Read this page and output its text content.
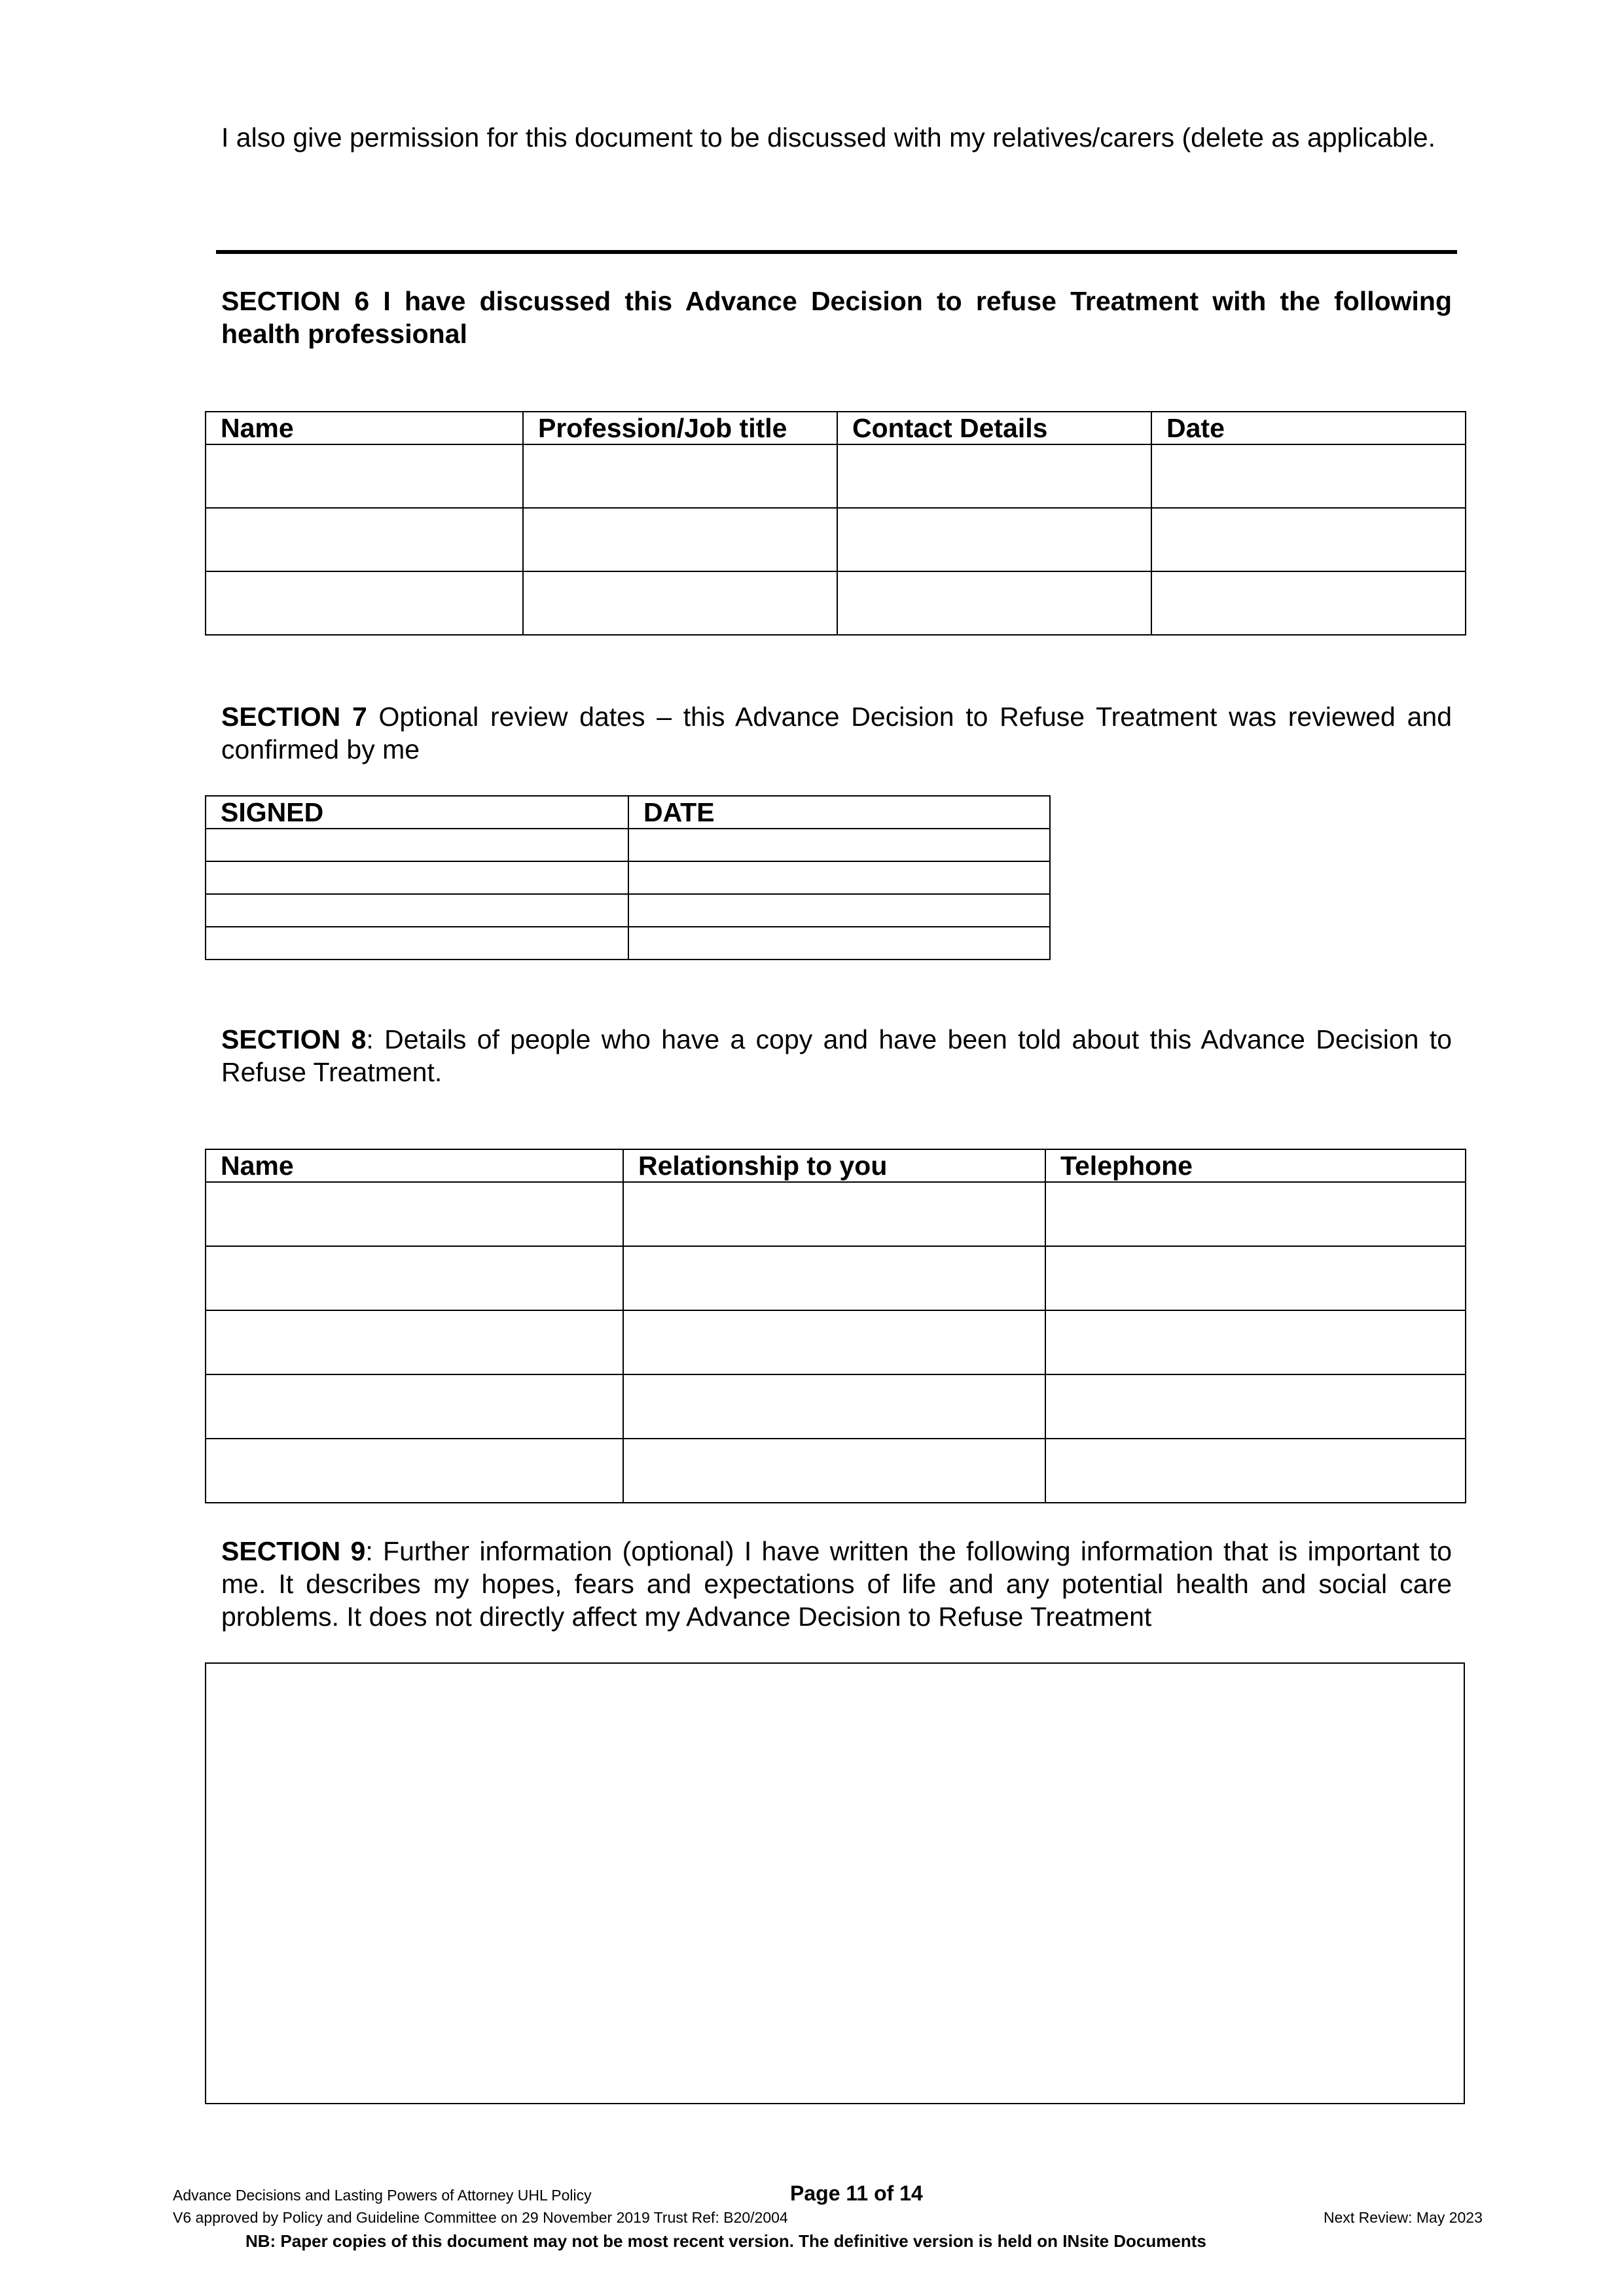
I also give permission for this document to be discussed with my relatives/carers (delete as applicable.
SECTION 6 I have discussed this Advance Decision to refuse Treatment with the following health professional
Name	Profession/Job title	Contact Details	Date

SECTION 7 Optional review dates – this Advance Decision to Refuse Treatment was reviewed and confirmed by me
SIGNED	DATE

SECTION 8: Details of people who have a copy and have been told about this Advance Decision to Refuse Treatment.
Name	Relationship to you	Telephone

SECTION 9: Further information (optional) I have written the following information that is important to me. It describes my hopes, fears and expectations of life and any potential health and social care problems. It does not directly affect my Advance Decision to Refuse Treatment
Advance Decisions and Lasting Powers of Attorney UHL Policy	Page 11 of 14
V6 approved by Policy and Guideline Committee on 29 November 2019 Trust Ref: B20/2004	Next Review: May 2023
NB: Paper copies of this document may not be most recent version. The definitive version is held on INsite Documents
